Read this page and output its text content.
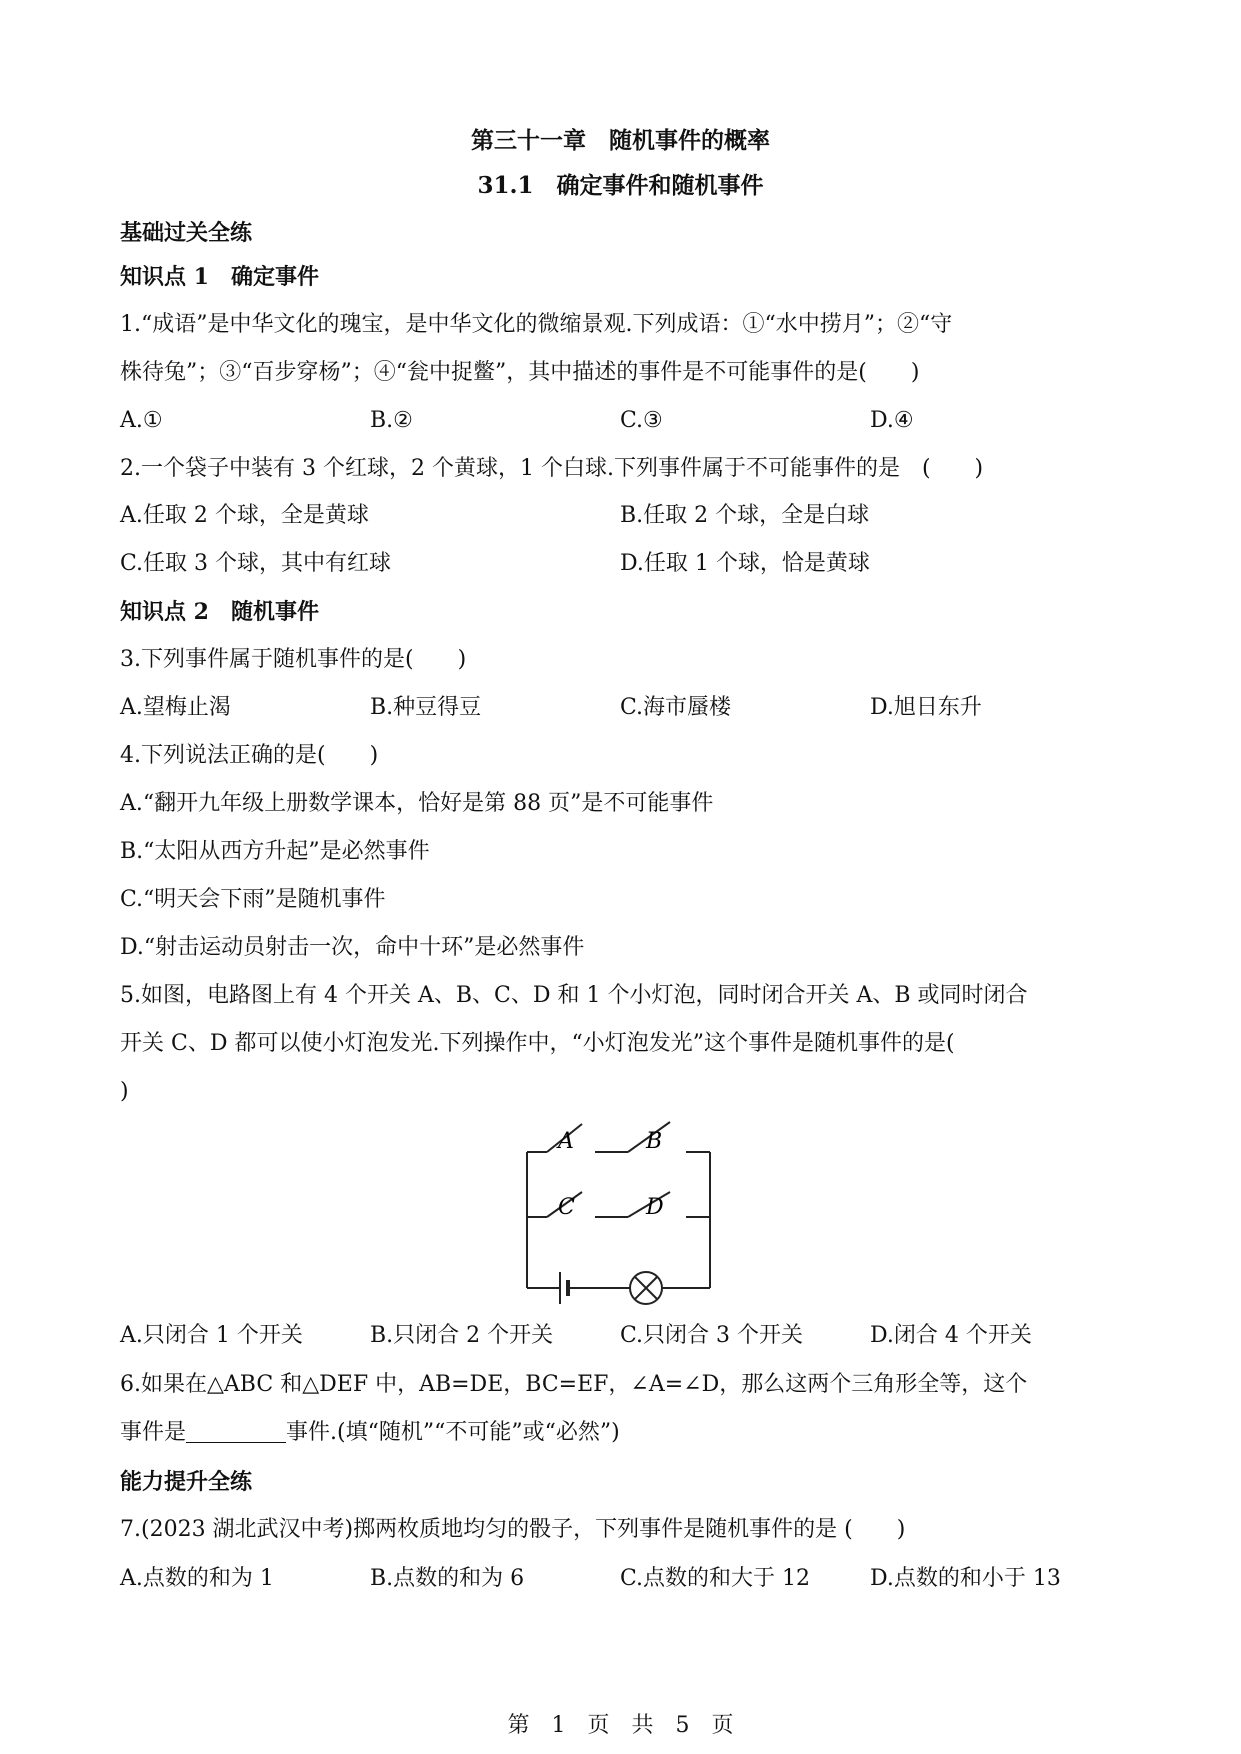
第三十一章　随机事件的概率
31.1　确定事件和随机事件
基础过关全练
知识点 1　确定事件
1.“成语”是中华文化的瑰宝，是中华文化的微缩景观.下列成语：①“水中捞月”；②“守
株待兔”；③“百步穿杨”；④“瓮中捉鳖”，其中描述的事件是不可能事件的是(　　)
A.①	B.②	C.③	D.④
2.一个袋子中装有 3 个红球，2 个黄球，1 个白球.下列事件属于不可能事件的是　(　　)
A.任取 2 个球，全是黄球	B.任取 2 个球，全是白球
C.任取 3 个球，其中有红球	D.任取 1 个球，恰是黄球
知识点 2　随机事件
3.下列事件属于随机事件的是(　　)
A.望梅止渴	B.种豆得豆	C.海市蜃楼	D.旭日东升
4.下列说法正确的是(　　)
A.“翻开九年级上册数学课本，恰好是第 88 页”是不可能事件
B.“太阳从西方升起”是必然事件
C.“明天会下雨”是随机事件
D.“射击运动员射击一次，命中十环”是必然事件
5.如图，电路图上有 4 个开关 A、B、C、D 和 1 个小灯泡，同时闭合开关 A、B 或同时闭合
开关 C、D 都可以使小灯泡发光.下列操作中，“小灯泡发光”这个事件是随机事件的是(
)
A	B
C	D
A.只闭合 1 个开关	B.只闭合 2 个开关	C.只闭合 3 个开关	D.闭合 4 个开关
6.如果在△ABC 和△DEF 中，AB=DE，BC=EF，∠A=∠D，那么这两个三角形全等，这个
事件是	事件.(填“随机”“不可能”或“必然”)
能力提升全练
7.(2023 湖北武汉中考)掷两枚质地均匀的骰子，下列事件是随机事件的是 (　　)
A.点数的和为 1	B.点数的和为 6	C.点数的和大于 12	D.点数的和小于 13
第　1　页　共　5　页
